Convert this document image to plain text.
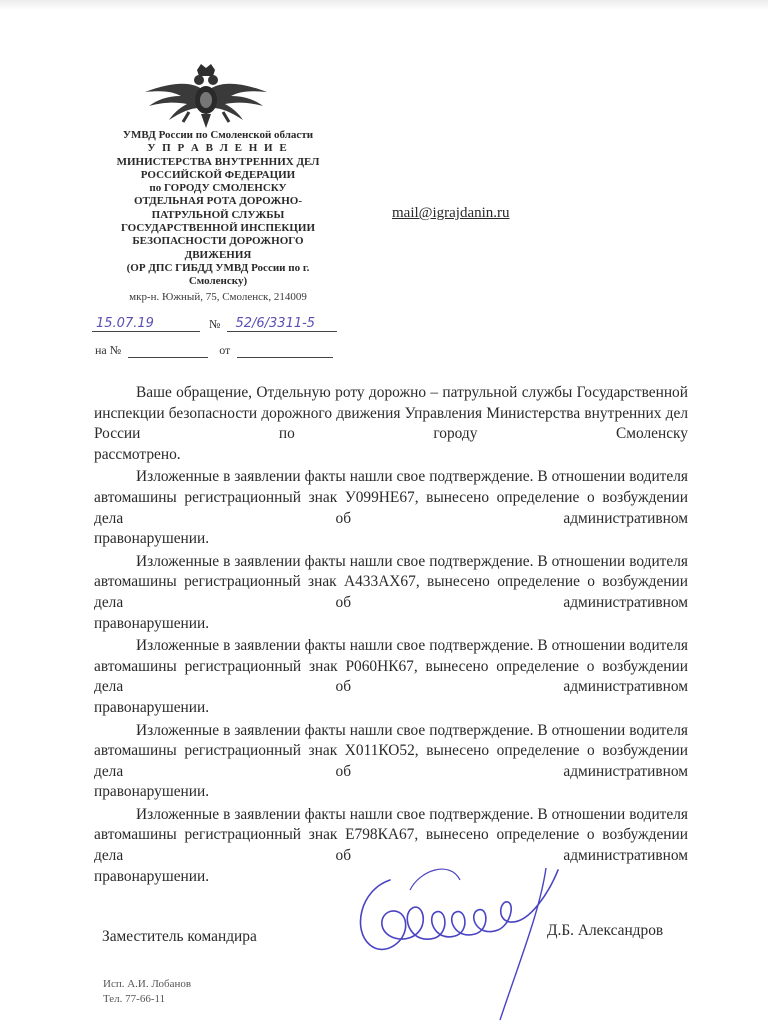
УМВД России по Смоленской области
У П Р А В Л Е Н И Е
МИНИСТЕРСТВА ВНУТРЕННИХ ДЕЛ
РОССИЙСКОЙ ФЕДЕРАЦИИ
по ГОРОДУ СМОЛЕНСКУ
ОТДЕЛЬНАЯ РОТА ДОРОЖНО-
ПАТРУЛЬНОЙ СЛУЖБЫ
ГОСУДАРСТВЕННОЙ ИНСПЕКЦИИ
БЕЗОПАСНОСТИ ДОРОЖНОГО
ДВИЖЕНИЯ
(ОР ДПС ГИБДД УМВД России по г.
Смоленску)
мкр-н. Южный, 75, Смоленск, 214009
mail@igrajdanin.ru
15.07.19	№ 52/6/3311-5
на №	от

Ваше обращение, Отдельную роту дорожно – патрульной службы Государственной инспекции безопасности дорожного движения Управления Министерства внутренних дел России по городу Смоленску
рассмотрено.

Изложенные в заявлении факты нашли свое подтверждение. В отношении водителя автомашины регистрационный знак У099НЕ67, вынесено определение о возбуждении дела об административном
правонарушении.

Изложенные в заявлении факты нашли свое подтверждение. В отношении водителя автомашины регистрационный знак А433АХ67, вынесено определение о возбуждении дела об административном
правонарушении.

Изложенные в заявлении факты нашли свое подтверждение. В отношении водителя автомашины регистрационный знак Р060НК67, вынесено определение о возбуждении дела об административном
правонарушении.

Изложенные в заявлении факты нашли свое подтверждение. В отношении водителя автомашины регистрационный знак Х011КО52, вынесено определение о возбуждении дела об административном
правонарушении.

Изложенные в заявлении факты нашли свое подтверждение. В отношении водителя автомашины регистрационный знак Е798КА67, вынесено определение о возбуждении дела об административном
правонарушении.

Заместитель командира	Д.Б. Александров
Исп. А.И. Лобанов
Тел. 77-66-11
